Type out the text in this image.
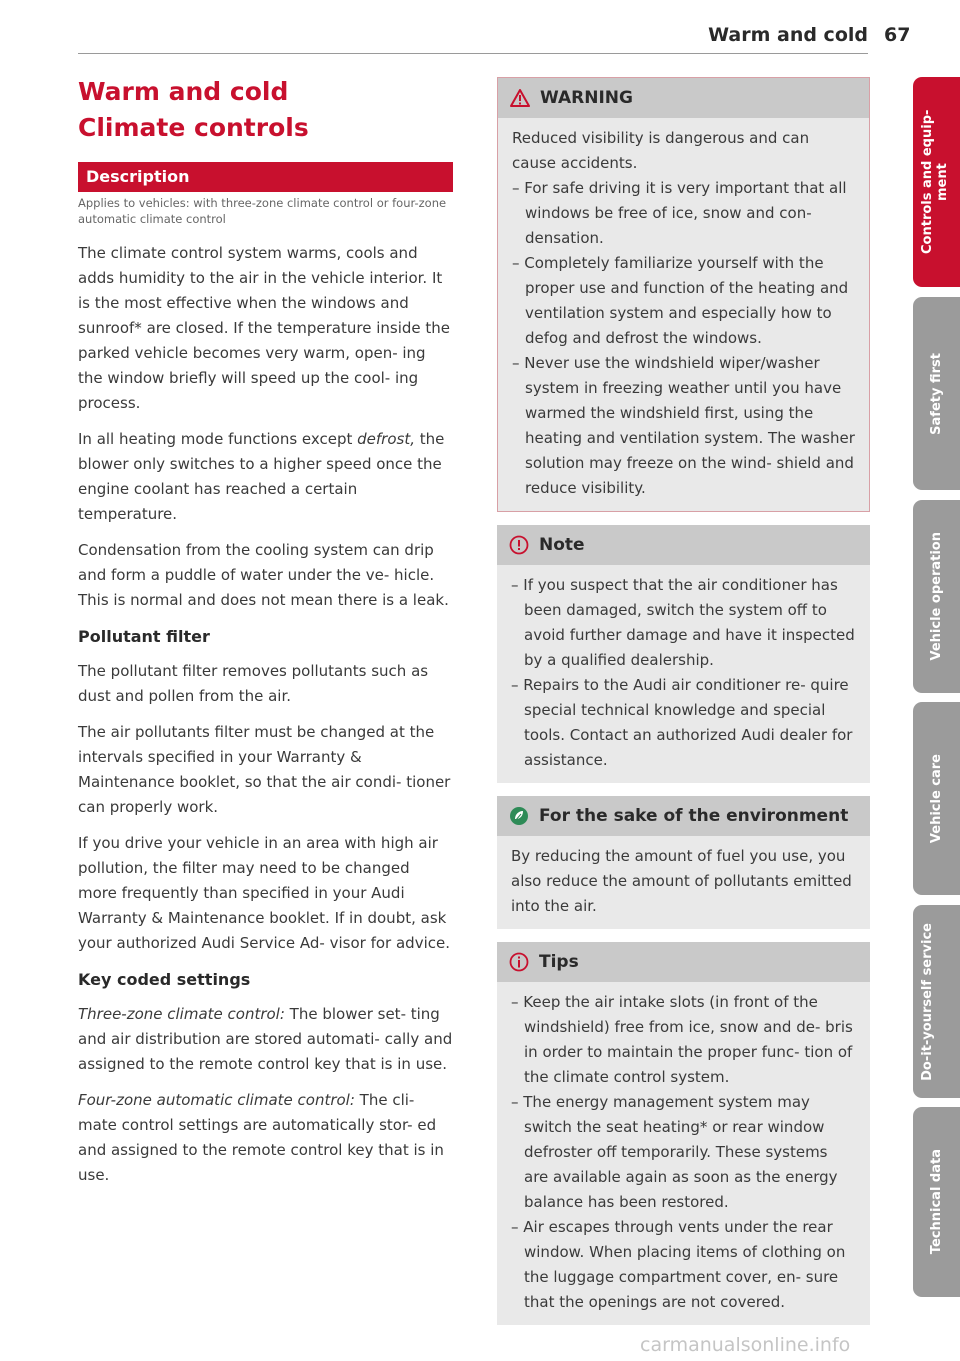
Warm and cold 67
Warm and cold
Climate controls
Description
Applies to vehicles: with three-zone climate control or four-zone automatic climate control

The climate control system warms, cools and adds humidity to the air in the vehicle interior. It is the most effective when the windows and sunroof* are closed. If the temperature inside the parked vehicle becomes very warm, open- ing the window briefly will speed up the cool- ing process.

In all heating mode functions except defrost, the blower only switches to a higher speed once the engine coolant has reached a certain temperature.

Condensation from the cooling system can drip and form a puddle of water under the ve- hicle. This is normal and does not mean there is a leak.

Pollutant filter

The pollutant filter removes pollutants such as dust and pollen from the air.

The air pollutants filter must be changed at the intervals specified in your Warranty & Maintenance booklet, so that the air condi- tioner can properly work.

If you drive your vehicle in an area with high air pollution, the filter may need to be changed more frequently than specified in your Audi Warranty & Maintenance booklet. If in doubt, ask your authorized Audi Service Ad- visor for advice.

Key coded settings

Three-zone climate control: The blower set- ting and air distribution are stored automati- cally and assigned to the remote control key that is in use.

Four-zone automatic climate control: The cli- mate control settings are automatically stor- ed and assigned to the remote control key that is in use.

WARNING
Reduced visibility is dangerous and can cause accidents.
– For safe driving it is very important that all windows be free of ice, snow and con- densation.
– Completely familiarize yourself with the proper use and function of the heating and ventilation system and especially how to defog and defrost the windows.
– Never use the windshield wiper/washer system in freezing weather until you have warmed the windshield first, using the heating and ventilation system. The washer solution may freeze on the wind- shield and reduce visibility.
Note
– If you suspect that the air conditioner has been damaged, switch the system off to avoid further damage and have it inspected by a qualified dealership.
– Repairs to the Audi air conditioner re- quire special technical knowledge and special tools. Contact an authorized Audi dealer for assistance.
For the sake of the environment
By reducing the amount of fuel you use, you also reduce the amount of pollutants emitted into the air.
Tips
– Keep the air intake slots (in front of the windshield) free from ice, snow and de- bris in order to maintain the proper func- tion of the climate control system.
– The energy management system may switch the seat heating* or rear window defroster off temporarily. These systems are available again as soon as the energy balance has been restored.
– Air escapes through vents under the rear window. When placing items of clothing on the luggage compartment cover, en- sure that the openings are not covered.
Controls and equip- ment
Safety first
Vehicle operation
Vehicle care
Do-it-yourself service
Technical data
carmanualsonline.info
